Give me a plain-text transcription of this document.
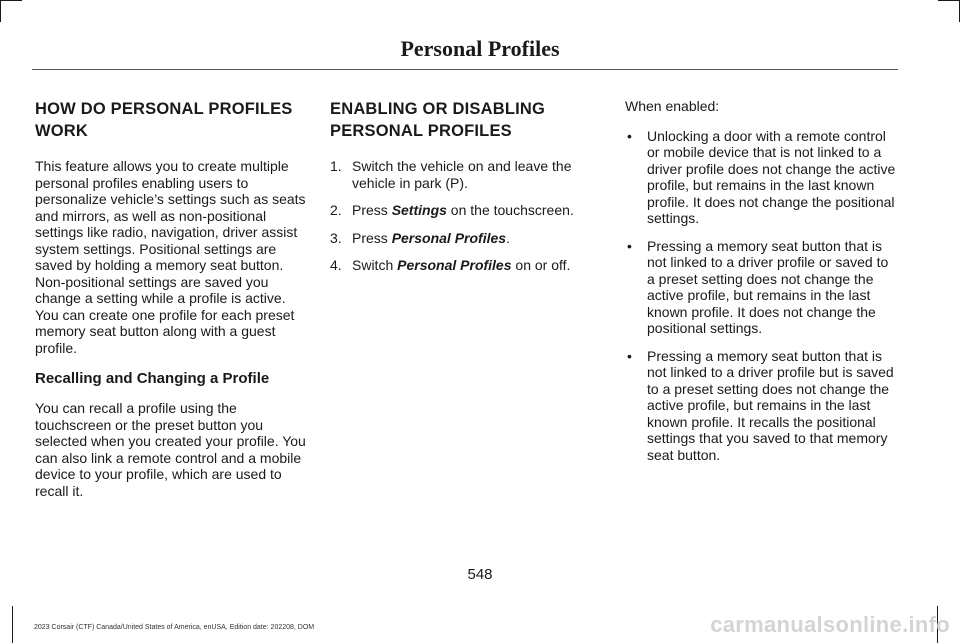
Personal Profiles
HOW DO PERSONAL PROFILES WORK

This feature allows you to create multiple personal profiles enabling users to personalize vehicle’s settings such as seats and mirrors, as well as non-positional settings like radio, navigation, driver assist system settings. Positional settings are saved by holding a memory seat button. Non-positional settings are saved you change a setting while a profile is active. You can create one profile for each preset memory seat button along with a guest profile.

Recalling and Changing a Profile

You can recall a profile using the touchscreen or the preset button you selected when you created your profile. You can also link a remote control and a mobile device to your profile, which are used to recall it.

ENABLING OR DISABLING PERSONAL PROFILES
1. Switch the vehicle on and leave the vehicle in park (P).
2. Press Settings on the touchscreen.
3. Press Personal Profiles.
4. Switch Personal Profiles on or off.

When enabled:

• Unlocking a door with a remote control or mobile device that is not linked to a driver profile does not change the active profile, but remains in the last known profile. It does not change the positional settings.
• Pressing a memory seat button that is not linked to a driver profile or saved to a preset setting does not change the active profile, but remains in the last known profile. It does not change the positional settings.
• Pressing a memory seat button that is not linked to a driver profile but is saved to a preset setting does not change the active profile, but remains in the last known profile. It recalls the positional settings that you saved to that memory seat button.
548
2023 Corsair (CTF) Canada/United States of America, enUSA, Edition date: 202208, DOM	carmanualsonline.info
